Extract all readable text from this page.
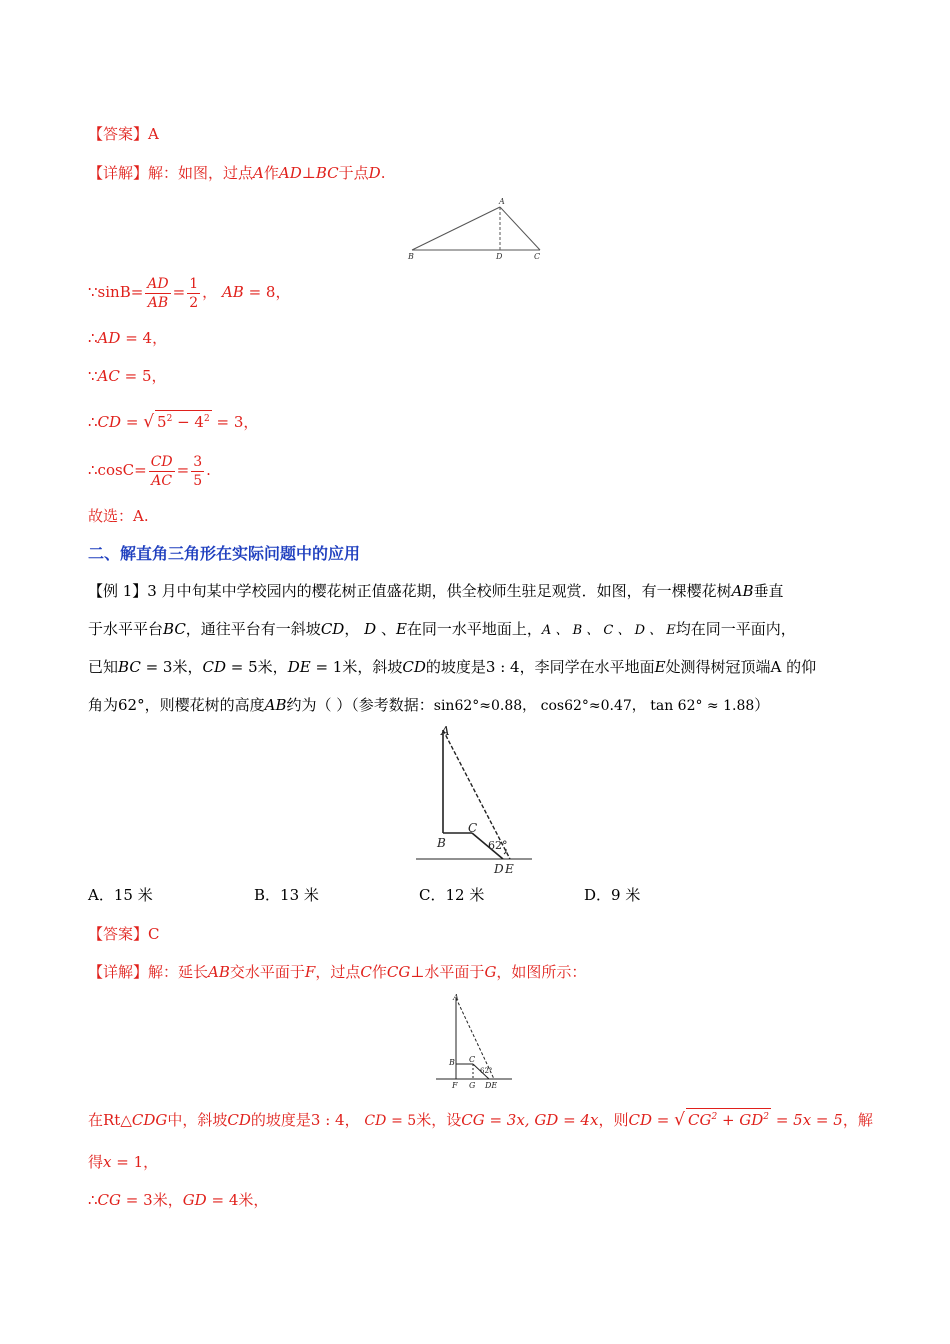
【答案】A
【详解】解：如图，过点A作AD⊥BC于点D.
A
B	D	C
∵sinB= $\frac{AD}{AB} = \frac{1}{2}$ ， AB = 8，
∴AD = 4，
∵AC = 5，
∴CD = √ $5^2 - 4^2 = 3$，
∴cosC= $\frac{CD}{AC} = \frac{3}{5}$ .
故选：A.
二、解直角三角形在实际问题中的应用
【例 1】3 月中旬某中学校园内的樱花树正值盛花期，供全校师生驻足观赏．如图，有一棵樱花树AB垂直
于水平平台BC，通往平台有一斜坡CD， D 、E在同一水平地面上，A 、 B 、 C 、 D 、 E均在同一平面内，
已知BC = 3米，CD = 5米，DE = 1米，斜坡CD的坡度是3 : 4，李同学在水平地面E处测得树冠顶端A 的仰
角为62°，则樱花树的高度AB约为（ ）（参考数据：sin62°≈0.88， cos62°≈0.47， tan 62° ≈ 1.88）
A
B
C
62°
D E
A．15 米	B．13 米	C．12 米	D．9 米
【答案】C
【详解】解：延长AB交水平面于F，过点C作CG⊥水平面于G，如图所示：
A
B C
62°
F G DE
在Rt△CDG中，斜坡CD的坡度是3 : 4， CD = 5米，设CG = 3x, GD = 4x，则CD = √ $CG^2 + GD^2 = 5x = 5$，解
得x = 1，
∴CG = 3米，GD = 4米，
